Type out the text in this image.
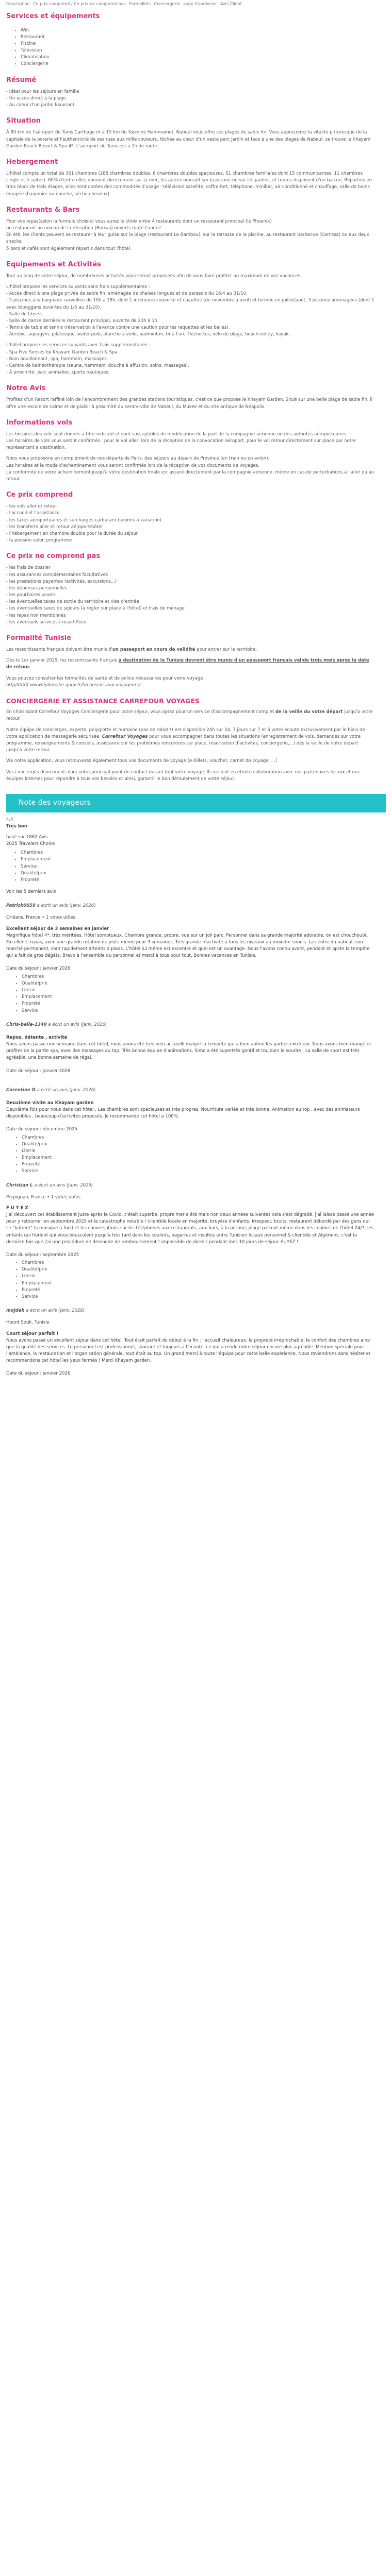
Description Ce prix comprend / Ce prix ne comprend pas Formalités Conciergerie Logo tripadvisor Avis Client
Services et équipements
• Wifi
• Restaurant
• Piscine
• Télévision
• Climatisation
• Conciergerie
Résumé
- Idéal pour les séjours en famille
- Un accès direct à la plage
- Au coeur d'un jardin luxuriant
Situation

À 80 km de l'aéroport de Tunis Carthage et à 15 km de Yasmine Hammamet, Nabeul vous offre ses plages de sable fin. Vous apprécierez la vitalité pittoresque de la capitale de la poterie et l'authenticité de ses rues aux mille couleurs. Nichée au cœur d'un vaste parc jardin et face à une des plages de Nabeul, se trouve le Khayam Garden Beach Resort & Spa 4*. L'aéroport de Tunis est à 1h de route.

Hebergement

L'hôtel compte un total de 361 chambres (288 chambres doubles, 6 chambres doubles spacieuses, 51 chambres familiales dont 15 communicantes, 11 chambres single et 5 suites). 60% d'entre elles donnent directement sur la mer, les autres ouvrant sur la piscine ou sur les jardins, et toutes disposent d'un balcon. Réparties en trois blocs de trois étages, elles sont dotées des commodités d'usage : télévision satellite, coffre-fort, téléphone, minibar, air conditionné et chauffage, salle de bains équipée (baignoire ou douche, sèche-cheveux).

Restaurants & Bars
Pour vos repas(selon la formule choisie) vous aurez le choix entre 4 restaurants dont un restaurant principal (le Phoenix)
un restaurant au niveau de la réception (Bonsaï) ouverts toute l'année.
En été, les clients peuvent se restaurer à leur guise sur la plage (restaurant Le Bambou), sur la terrasse de la piscine, au restaurant barbecue (Carrissa) ou aux deux snacks.
5 bars et cafés sont également répartis dans tout l'hôtel.
Equipements et Activités

Tout au long de votre séjour, de nombreuses activités vous seront proposées afin de vous faire profiter au maximum de vos vacances.

L'hôtel propose les services suivants sans frais supplémentaires :
- Accès direct à une plage privée de sable fin, aménagée de chaises longues et de parasols du 16/4 au 31/10.
- 5 piscines à la baignade surveillée de 10h à 18h, dont 1 intérieure couverte et chauffée (de novembre à avril) et fermée en juillet/août, 3 piscines aménagées (dont 1 avec toboggans ouvertes du 1/5 au 31/10).
- Salle de fitness.
- Salle de danse derrière le restaurant principal, ouverte de 23h à 1h.
- Tennis de table et tennis (réservation à l'avance contre une caution pour les raquettes et les balles).
- Aérobic, aquagym, pilâtesque, water-polo, planche à voile, badminton, tir à l'arc, fléchettes, vélo de plage, beach-volley, kayak.
L'hôtel propose les services suivants avec frais supplémentaires :
- Spa Five Senses by Khayam Garden Beach & Spa
- Bain bouillonnant, spa, hammam, massages
- Centre de balnéothérapie (sauna, hammam, douche à affusion, soins, massages).
- À proximité: parc animalier, sports nautiques.
Notre Avis

Profitez d'un Resort raffiné loin de l'encombrement des grandes stations touristiques, c'est ce que propose le Khayam Garden. Situé sur une belle plage de sable fin, il offre une escale de calme et de plaisir à proximité du centre-ville de Nabeul, du Musée et du site antique de Néapolis.

Informations vols

Les horaires des vols sont donnés à titre indicatif et sont susceptibles de modification de la part de la compagnie aérienne ou des autorités aéroportuaires.

Les horaires de vols vous seront confirmés : pour le vol aller, lors de la réception de la convocation aéroport, pour le vol retour directement sur place par notre représentant à destination.

Nous vous proposons en complément de nos départs de Paris, des séjours au départ de Province (en train ou en avion).

Les horaires et le mode d'acheminement vous seront confirmés lors de la réception de vos documents de voyages.

La conformité de votre acheminement jusqu'à votre destination finale est assuré directement par la compagnie aérienne, même en cas de perturbations à l'aller ou au retour.

Ce prix comprend
- les vols aller et retour
- l'accueil et l'assistance
- les taxes aéroportuaires et surcharges carburant (soumis à variation)
- les transferts aller et retour aéroport/hôtel
- l'hébergement en chambre double pour la durée du séjour
- la pension selon programme
Ce prix ne comprend pas
- les frais de dossier
- les assurances complémentaires facultatives
- les prestations payantes (activités, excursions...)
- les dépenses personnelles
- les pourboires usuels
- les éventuelles taxes de sortie du territoire et visa d'entrée
- les éventuelles taxes de séjours (à régler sur place à l'hôtel) et frais de ménage
- les repas non mentionnés
- les éventuels services / resort Fees
Formalité Tunisie

Les ressortissants français doivent être munis d'un passeport en cours de validité pour entrer sur le territoire.

Dès le 1er janvier 2025, les ressortissants français à destination de la Tunisie devront être munis d'un passeport français valide trois mois après la date de retour.

Vous pouvez consulter les formalités de santé et de police nécessaires pour votre voyage :
http/XXXX.wwwdiplomatie.gouv.fr/fr/conseils-aux-voyageurs/

CONCIERGERIE ET ASSISTANCE CARREFOUR VOYAGES

En choisissant Carrefour Voyages Conciergerie pour votre séjour, vous optez pour un service d'accompagnement complet de la veille du votre départ jusqu'à votre retour.

Notre équipe de concierges, experte, polyglotte et humaine (pas de robot !) est disponible 24h sur 24, 7 jours sur 7 et à votre écoute exclusivement par le biais de votre application de messagerie sécurisée, Carrefour Voyages pour vous accompagner dans toutes les situations (enregistrement de vols, demandes sur votre programme, renseignements & conseils, assistance sur les problèmes rencontrés sur place, réservation d'activités, conciergerie,...) dès la veille de votre départ jusqu'à votre retour.

Via notre application, vous retrouverez également tous vos documents de voyage (e-billets, voucher, carnet de voyage, ...)

Vos concierges deviennent alors votre principal point de contact durant tout votre voyage. Ils veillent en étroite collaboration avec nos partenaires locaux et nos équipes internes pour répondre à tous vos besoins et ainsi, garantir le bon déroulement de votre séjour.

Note des voyageurs
4.4
Très bon
basé sur 1862 Avis
2025 Travelers Choice
• Chambres
• Emplacement
• Service
• Qualité/prix
• Propreté
Voir les 5 derniers avis
Patrick0059 a écrit un avis (janv. 2026)
Orléans, France • 1 votes utiles
Excellent séjour de 3 semaines en janvier
Magnifique hôtel 4*, très méritées. Hôtel somptueux. Chambre grande, propre, vue sur un joli parc. Personnel dans sa grande majorité adorable, on est chouchouté. Excellents repas, avec une grande rotation de plats même pour 3 semaines. Très grande réactivité à tous les niveaux au moindre soucis. La centre du nabeul, son marché permanent, sont rapidement atteints à pieds. L'hôtel lui même est excentré et quel est un avantage. Nous l'avons connu avant, pendant et après la tempête qui a fait de gros dégâts. Bravo à l'ensemble du personnel et merci à tous pour tout. Bonnes vacances en Tunisie.
Date du séjour : janvier 2026
• Chambres
• Qualité/prix
• Literie
• Emplacement
• Propreté
• Service
Chris-belle-1340 a écrit un avis (janv. 2026)
Repos, détente , activité
Nous avons passé une semaine dans cet hôtel, nous avons été très bien accueilli malgré la tempête qui a bien abîmé les parties extérieur. Nous avons bien mangé et profiter de la partie spa, avec des massages au top. Très bonne équipe d'animations, Simo a été supertrès gentil et toujours le sourire . La salle de sport est très agréable, une bonne semaine de régal.
Date du séjour : janvier 2026
Corentine D a écrit un avis (janv. 2026)
Deuxième visite au Khayam garden
Deuxième fois pour nous dans cet hôtel . Les chambres sont spacieuses et très propres. Nourriture variée et très bonne. Animation au top , avec des animateurs disponibles , beaucoup d'activités proposés. Je recommande cet hôtel à 100%.
Date du séjour : décembre 2025
• Chambres
• Qualité/prix
• Literie
• Emplacement
• Propreté
• Service
Christian L a écrit un avis (janv. 2026)
Perpignan, France • 1 votes utiles
F U Y E Z
J'ai découvert cet établissement juste après le Covid, c'était superbe, propre mer a été mais non deux années suivantes cela s'est dégradé, j'ai laissé passé une année pour y retourner en septembre 2025 et la catastrophe notable ! clientèle locale en majorité, bruyère d'enfants, irrespect, bruits, restaurant débordé par des gens qui se "bâfrent" la musique à fond et les conversations sur les téléphones aux restaurants, aux bars, à la piscine, plage partout même dans les couloirs de l'hôtel 24/7, les enfants qui hurlent qui vous bousculent jusqu'à très tard dans les couloirs, bagarres et insultes entre Tunisien locaux personnel & clientèle et Algériens, c'est la dernière fois que j'ai une procédure de demande de remboursement ! impossible de dormir pendant mes 10 jours de séjour. FUYEZ !
Date du séjour : septembre 2025
• Chambres
• Qualité/prix
• Literie
• Emplacement
• Propreté
• Service
mojdeh a écrit un avis (janv. 2026)
Hount Souk, Tunisie
Court séjour parfait !
Nous avons passé un excellent séjour dans cet hôtel. Tout était parfait du début à la fin : l'accueil chaleureux, la propreté irréprochable, le confort des chambres ainsi que la qualité des services. Le personnel est professionnel, souriant et toujours à l'écoute, ce qui a rendu notre séjour encore plus agréable. Mention spéciale pour l'ambiance, la restauration et l'organisation générale, tout était au top. Un grand merci à toute l'équipe pour cette belle expérience. Nous reviendrons sans hésiter et recommandons cet hôtel les yeux fermés ! Merci Khayam garden .
Date du séjour : janvier 2026
